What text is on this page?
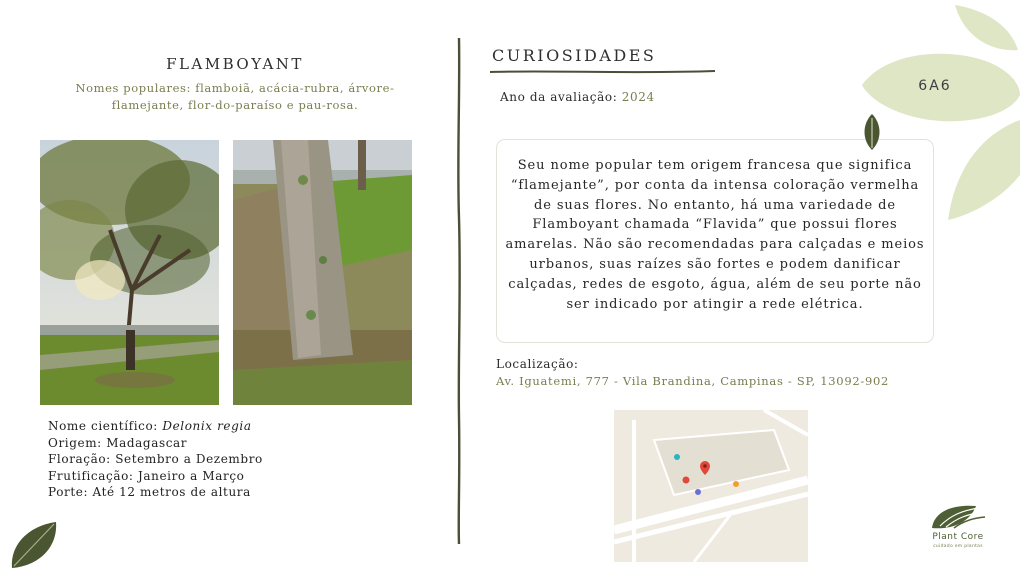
FLAMBOYANT
Nomes populares: flamboiã, acácia-rubra, árvore-flamejante, flor-do-paraíso e pau-rosa.
Nome científico: Delonix regia
Origem: Madagascar
Floração: Setembro a Dezembro
Frutificação: Janeiro a Março
Porte: Até 12 metros de altura
CURIOSIDADES
Ano da avaliação: 2024
Seu nome popular tem origem francesa que significa “flamejante”, por conta da intensa coloração vermelha de suas flores. No entanto, há uma variedade de Flamboyant chamada “Flavida” que possui flores amarelas. Não são recomendadas para calçadas e meios urbanos, suas raízes são fortes e podem danificar calçadas, redes de esgoto, água, além de seu porte não ser indicado por atingir a rede elétrica.
Localização:
Av. Iguatemi, 777 - Vila Brandina, Campinas - SP, 13092-902
6A6
Plant Core
cuidado em plantas
